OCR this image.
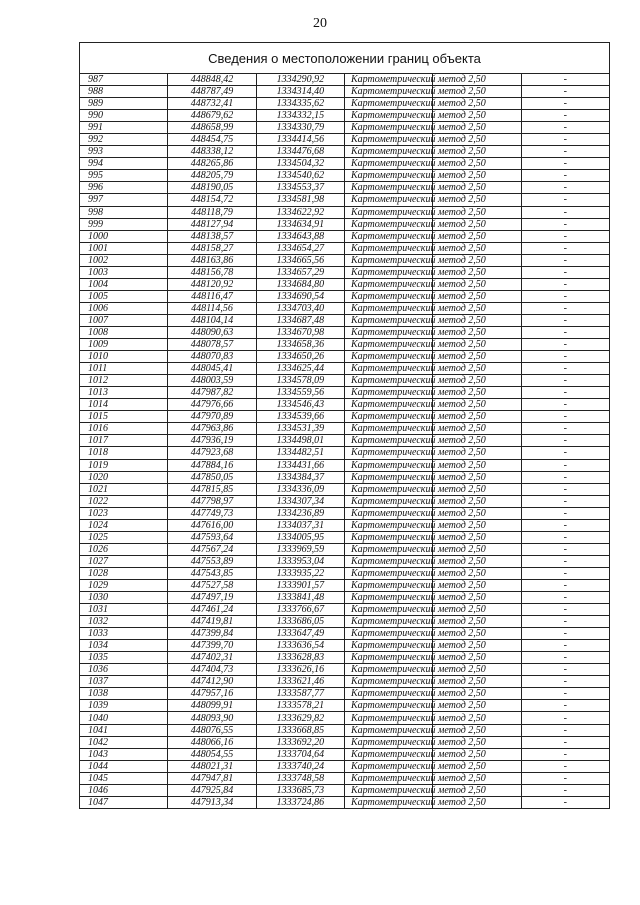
20
Сведения о местоположении границ объекта					
987	448848,42	1334290,92	Картометрический метод	2,50	-
988	448787,49	1334314,40	Картометрический метод	2,50	-
989	448732,41	1334335,62	Картометрический метод	2,50	-
990	448679,62	1334332,15	Картометрический метод	2,50	-
991	448658,99	1334330,79	Картометрический метод	2,50	-
992	448454,75	1334414,56	Картометрический метод	2,50	-
993	448338,12	1334476,68	Картометрический метод	2,50	-
994	448265,86	1334504,32	Картометрический метод	2,50	-
995	448205,79	1334540,62	Картометрический метод	2,50	-
996	448190,05	1334553,37	Картометрический метод	2,50	-
997	448154,72	1334581,98	Картометрический метод	2,50	-
998	448118,79	1334622,92	Картометрический метод	2,50	-
999	448127,94	1334634,91	Картометрический метод	2,50	-
1000	448138,57	1334643,88	Картометрический метод	2,50	-
1001	448158,27	1334654,27	Картометрический метод	2,50	-
1002	448163,86	1334665,56	Картометрический метод	2,50	-
1003	448156,78	1334657,29	Картометрический метод	2,50	-
1004	448120,92	1334684,80	Картометрический метод	2,50	-
1005	448116,47	1334690,54	Картометрический метод	2,50	-
1006	448114,56	1334703,40	Картометрический метод	2,50	-
1007	448104,14	1334687,48	Картометрический метод	2,50	-
1008	448090,63	1334670,98	Картометрический метод	2,50	-
1009	448078,57	1334658,36	Картометрический метод	2,50	-
1010	448070,83	1334650,26	Картометрический метод	2,50	-
1011	448045,41	1334625,44	Картометрический метод	2,50	-
1012	448003,59	1334578,09	Картометрический метод	2,50	-
1013	447987,82	1334559,56	Картометрический метод	2,50	-
1014	447976,66	1334546,43	Картометрический метод	2,50	-
1015	447970,89	1334539,66	Картометрический метод	2,50	-
1016	447963,86	1334531,39	Картометрический метод	2,50	-
1017	447936,19	1334498,01	Картометрический метод	2,50	-
1018	447923,68	1334482,51	Картометрический метод	2,50	-
1019	447884,16	1334431,66	Картометрический метод	2,50	-
1020	447850,05	1334384,37	Картометрический метод	2,50	-
1021	447815,85	1334336,09	Картометрический метод	2,50	-
1022	447798,97	1334307,34	Картометрический метод	2,50	-
1023	447749,73	1334236,89	Картометрический метод	2,50	-
1024	447616,00	1334037,31	Картометрический метод	2,50	-
1025	447593,64	1334005,95	Картометрический метод	2,50	-
1026	447567,24	1333969,59	Картометрический метод	2,50	-
1027	447553,89	1333953,04	Картометрический метод	2,50	-
1028	447543,85	1333935,22	Картометрический метод	2,50	-
1029	447527,58	1333901,57	Картометрический метод	2,50	-
1030	447497,19	1333841,48	Картометрический метод	2,50	-
1031	447461,24	1333766,67	Картометрический метод	2,50	-
1032	447419,81	1333686,05	Картометрический метод	2,50	-
1033	447399,84	1333647,49	Картометрический метод	2,50	-
1034	447399,70	1333636,54	Картометрический метод	2,50	-
1035	447402,31	1333628,83	Картометрический метод	2,50	-
1036	447404,73	1333626,16	Картометрический метод	2,50	-
1037	447412,90	1333621,46	Картометрический метод	2,50	-
1038	447957,16	1333587,77	Картометрический метод	2,50	-
1039	448099,91	1333578,21	Картометрический метод	2,50	-
1040	448093,90	1333629,82	Картометрический метод	2,50	-
1041	448076,55	1333668,85	Картометрический метод	2,50	-
1042	448066,16	1333692,20	Картометрический метод	2,50	-
1043	448054,55	1333704,64	Картометрический метод	2,50	-
1044	448021,31	1333740,24	Картометрический метод	2,50	-
1045	447947,81	1333748,58	Картометрический метод	2,50	-
1046	447925,84	1333685,73	Картометрический метод	2,50	-
1047	447913,34	1333724,86	Картометрический метод	2,50	-
